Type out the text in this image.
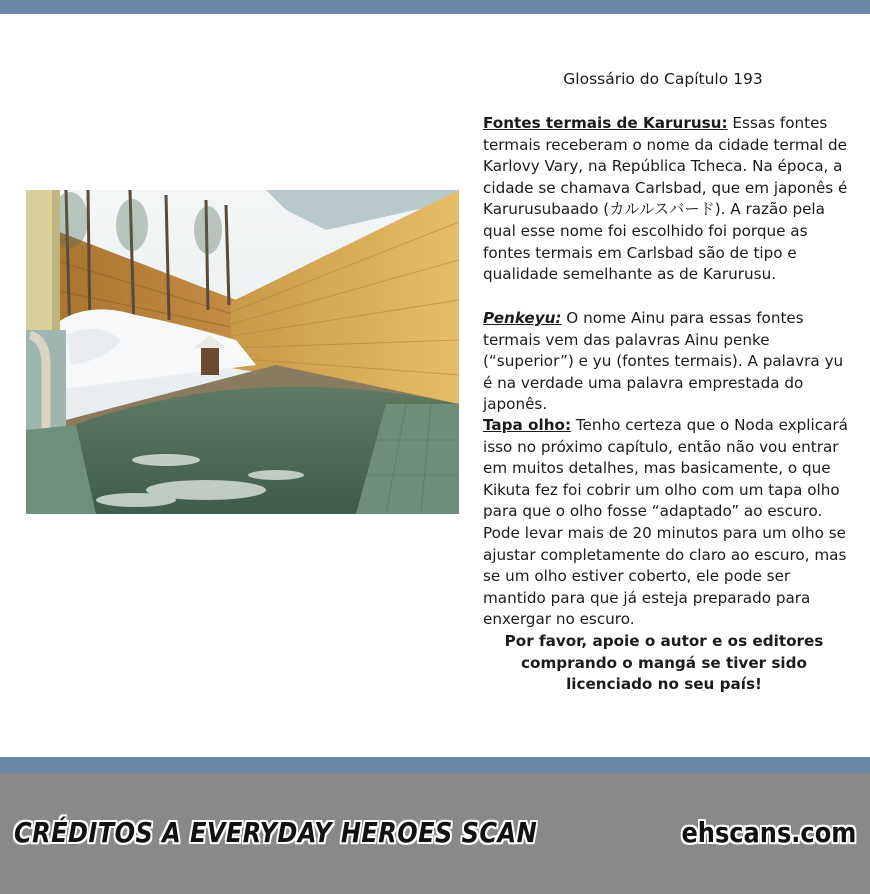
Glossário do Capítulo 193
Fontes termais de Karurusu: Essas fontes termais receberam o nome da cidade termal de Karlovy Vary, na República Tcheca. Na época, a cidade se chamava Carlsbad, que em japonês é Karurusubaado (カルルスバード). A razão pela qual esse nome foi escolhido foi porque as fontes termais em Carlsbad são de tipo e qualidade semelhante as de Karurusu.
Penkeyu: O nome Ainu para essas fontes termais vem das palavras Ainu penke (“superior”) e yu (fontes termais). A palavra yu é na verdade uma palavra emprestada do japonês.
Tapa olho: Tenho certeza que o Noda explicará isso no próximo capítulo, então não vou entrar em muitos detalhes, mas basicamente, o que Kikuta fez foi cobrir um olho com um tapa olho para que o olho fosse “adaptado” ao escuro. Pode levar mais de 20 minutos para um olho se ajustar completamente do claro ao escuro, mas se um olho estiver coberto, ele pode ser mantido para que já esteja preparado para enxergar no escuro.
Por favor, apoie o autor e os editores comprando o mangá se tiver sido licenciado no seu país!
CRÉDITOS A EVERYDAY HEROES SCAN	ehscans.com
